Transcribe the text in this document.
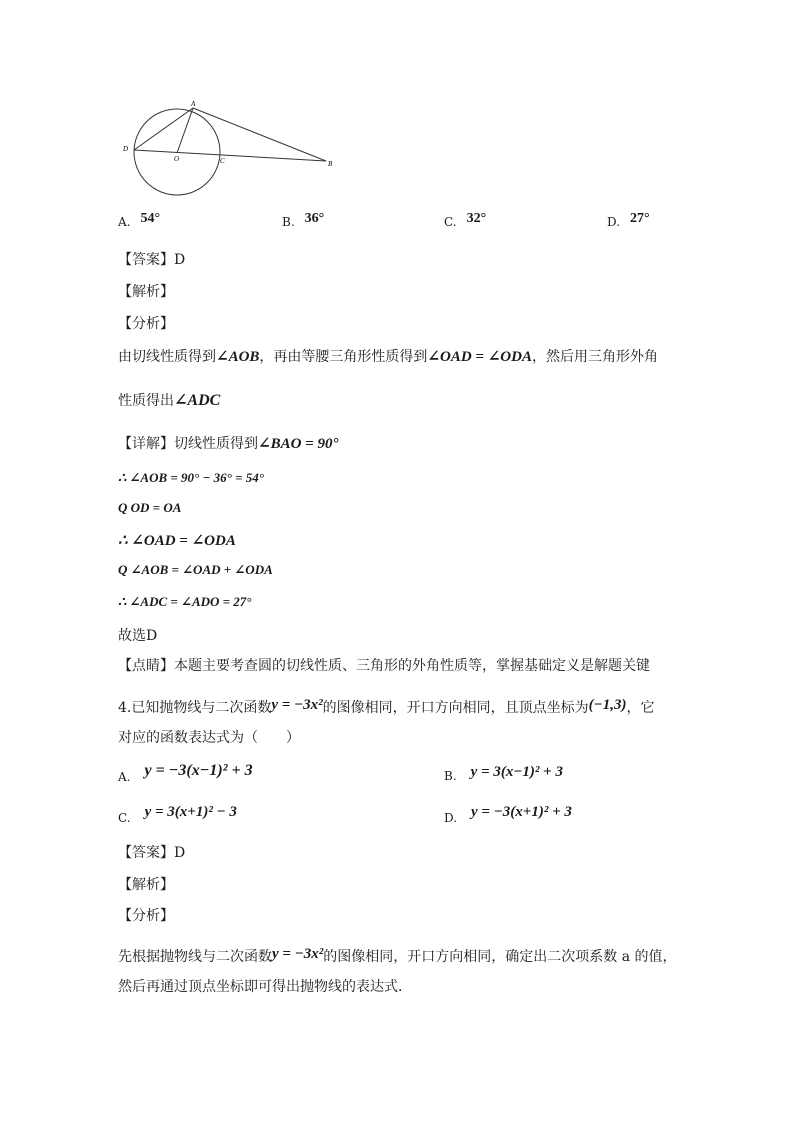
A
D
O	C	B
A. 54°	B. 36°	C. 32°	D. 27°
【答案】D
【解析】
【分析】
由切线性质得到 ∠AOB ，再由等腰三角形性质得到 ∠OAD = ∠ODA ，然后用三角形外角
性质得出 ∠ADC
【详解】切线性质得到 ∠BAO = 90°
∴ ∠AOB = 90° − 36° = 54°
Q OD = OA
∴ ∠OAD = ∠ODA
Q ∠AOB = ∠OAD + ∠ODA
∴ ∠ADC = ∠ADO = 27°
故选D
【点睛】本题主要考查圆的切线性质、三角形的外角性质等，掌握基础定义是解题关键
4.已知抛物线与二次函数 y = −3x² 的图像相同，开口方向相同，且顶点坐标为 (−1,3) ，它
对应的函数表达式为（　　）
A. y = −3(x−1)² + 3	B. y = 3(x−1)² + 3
C. y = 3(x+1)² − 3	D. y = −3(x+1)² + 3
【答案】D
【解析】
【分析】
先根据抛物线与二次函数 y = −3x² 的图像相同，开口方向相同，确定出二次项系数 a 的值，
然后再通过顶点坐标即可得出抛物线的表达式.
